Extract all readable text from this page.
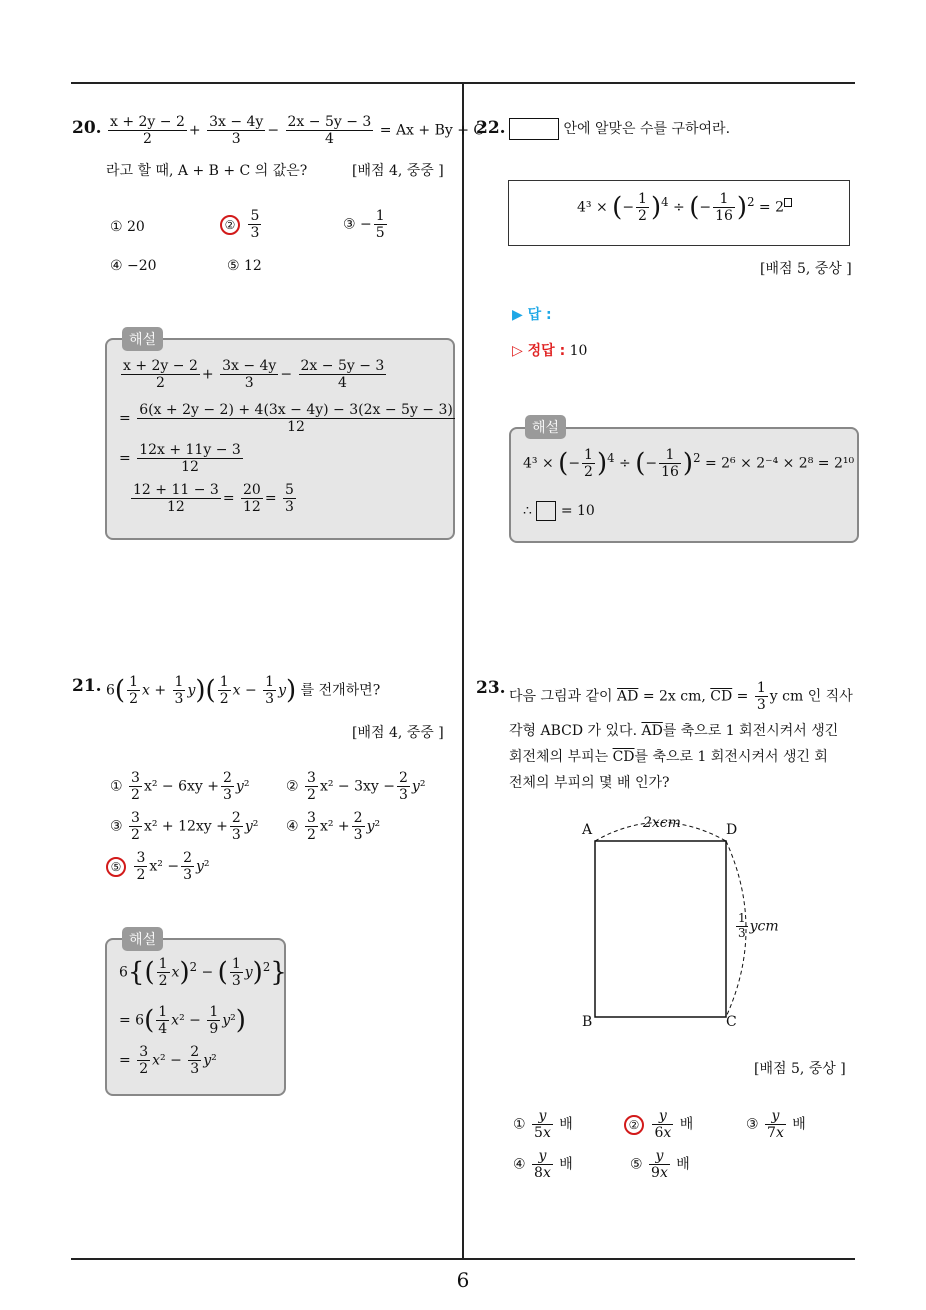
6
20. $\frac{x + 2y - 2}{2} + \frac{3x - 4y}{3} - \frac{2x - 5y - 3}{4} = Ax + By + C$
라고 할 때, A + B + C 의 값은?	[배점 4, 중중 ]
① 20	② $\frac{5}{3}$	③ − $\frac{1}{5}$
④ −20	⑤ 12
$\frac{x + 2y - 2}{2} + \frac{3x - 4y}{3} - \frac{2x - 5y - 3}{4}$
= $\frac{6(x + 2y - 2) + 4(3x - 4y) - 3(2x - 5y - 3)}{12}$
= $\frac{12x + 11y - 3}{12}$
$\frac{12 + 11 - 3}{12} = \frac{20}{12} = \frac{5}{3}$
해설
21. $6( \frac{1}{2}$ $x + \frac{1}{3} y)( \frac{1}{2}$ $x - \frac{1}{3} y$) 를 전개하면?
[배점 4, 중중 ]
① $\frac{3}{2} x^2 - 6xy + \frac{2}{3} y^2$	② $\frac{3}{2} x^2 - 3xy - \frac{2}{3} y^2$
③ $\frac{3}{2} x^2 + 12xy + \frac{2}{3} y^2$ ④ $\frac{3}{2} x^2 + \frac{2}{3} y^2$
⑤ $\frac{3}{2} x^2 - \frac{2}{3} y^2$
$6\{( \frac{1}{2} x)^2$ − ( $\frac{1}{3} y)^2$}
= $6( \frac{1}{4} x^2 - \frac{1}{9} y^2)$
= $\frac{3}{2} x^2 - \frac{2}{3} y^2$
해설
22.	안에 알맞은 수를 구하여라.
4³ × (− $\frac{1}{2} )^4$ ÷ (− $\frac{1}{16} )^2 = 2$
[배점 5, 중상 ]
▶ 답 :
▷ 정답 : 10
4³ × (− $\frac{1}{2} )^4$ ÷ (− $\frac{1}{16} )^2 = 2^6 \times 2^{-4} \times 2^8 = 2^{10}$
∴ = 10
해설
23. 다음 그림과 같이 $\overline{AD} = 2x$ cm, $\overline{CD} = \frac{1}{3}$ y cm 인 직사
각형 ABCD 가 있다. $\overline{AD}$를 축으로 1 회전시켜서 생긴
회전체의 부피는 $\overline{CD}$를 축으로 1 회전시켜서 생긴 회
전체의 부피의 몇 배 인가?
A	D
B	C
2xcm
$\frac{1}{3}$ ycm
[배점 5, 중상 ]
① $\frac{y}{5x}$ 배	② $\frac{y}{6x}$ 배	③ $\frac{y}{7x}$ 배
④ $\frac{y}{8x}$ 배	⑤ $\frac{y}{9x}$ 배
